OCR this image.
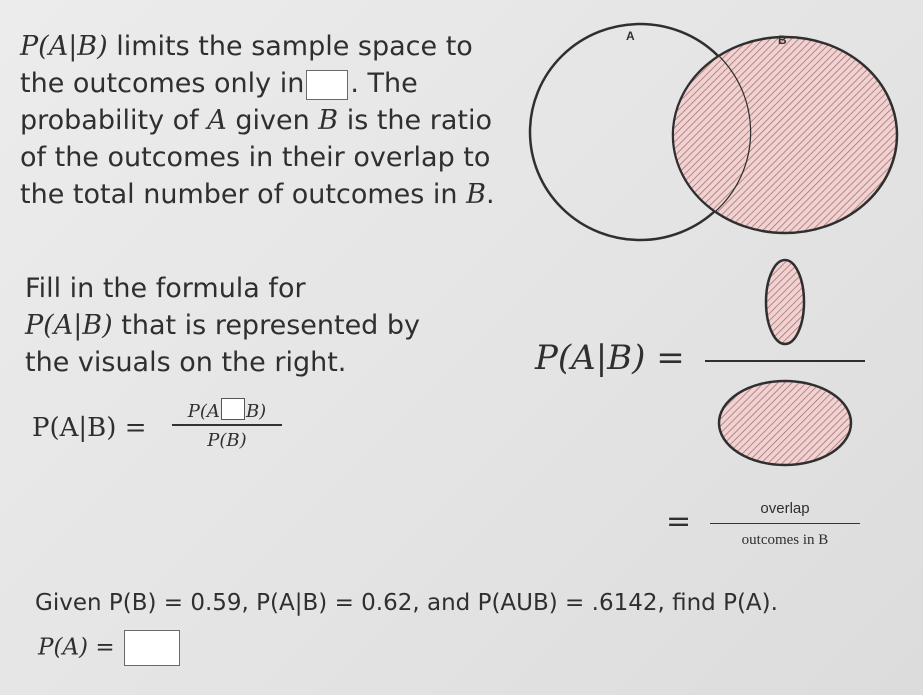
P(A|B) limits the sample space to
the outcomes only in . The
probability of A given B is the ratio
of the outcomes in their overlap to
the total number of outcomes in B.
A	B
Fill in the formula for
P(A|B) that is represented by
the visuals on the right.
P(A|B) =
P(A B)
P(B)
P(A|B) =
=	overlap
outcomes in B
Given P(B) = 0.59, P(A|B) = 0.62, and P(AUB) = .6142, find P(A).
P(A) =
